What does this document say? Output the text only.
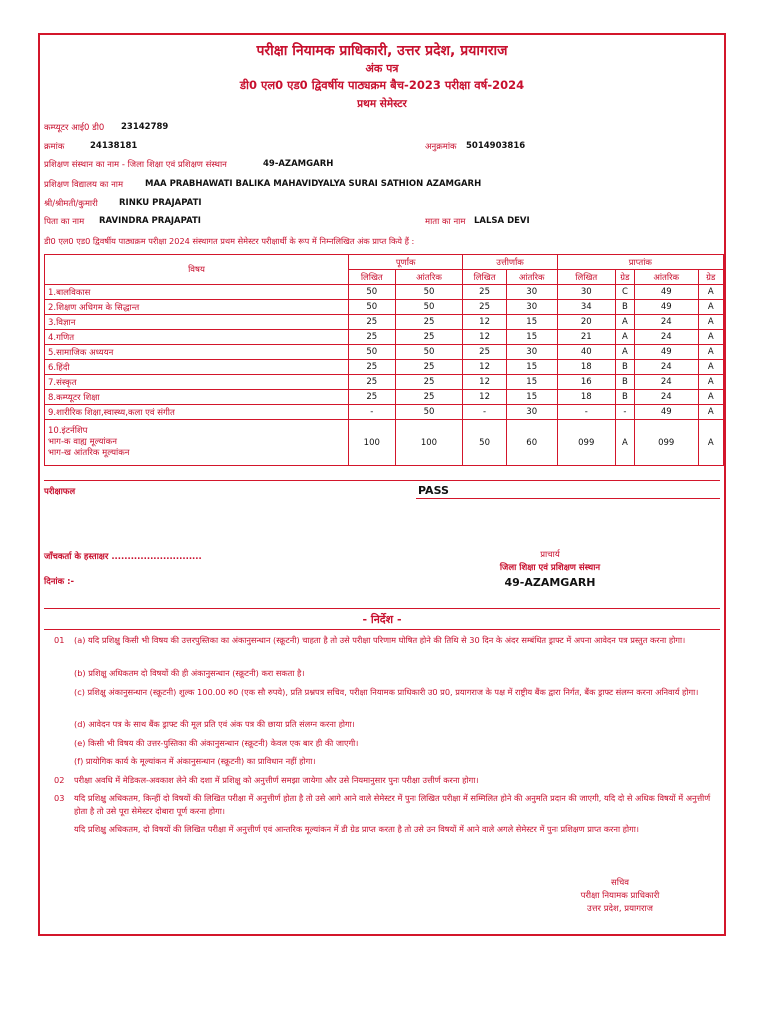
परीक्षा नियामक प्राधिकारी, उत्तर प्रदेश, प्रयागराज
अंक पत्र
डी0 एल0 एड0 द्विवर्षीय पाठ्यक्रम बैच-2023 परीक्षा वर्ष-2024
प्रथम सेमेस्टर
कम्प्यूटर आई0 डी0 23142789
क्रमांक	24138181	अनुक्रमांक 5014903816
प्रशिक्षण संस्थान का नाम - जिला शिक्षा एवं प्रशिक्षण संस्थान	49-AZAMGARH
प्रशिक्षण विद्यालय का नाम	MAA PRABHAWATI BALIKA MAHAVIDYALYA SURAI SATHION AZAMGARH
श्री/श्रीमती/कुमारी RINKU PRAJAPATI
पिता का नाम RAVINDRA PRAJAPATI	माता का नाम LALSA DEVI
डी0 एल0 एड0 द्विवर्षीय पाठ्यक्रम परीक्षा 2024 संस्थागत प्रथम सेमेस्टर परीक्षार्थी के रूप में निम्नलिखित अंक प्राप्त किये हैं :
विषय	पूर्णांक		उत्तीर्णांक		प्राप्तांक			
	लिखित	आंतरिक	लिखित	आंतरिक	लिखित	ग्रेड	आंतरिक	ग्रेड
1.बालविकास	50	50	25	30	30	C	49	A
2.शिक्षण अधिगम के सिद्धान्त	50	50	25	30	34	B	49	A
3.विज्ञान	25	25	12	15	20	A	24	A
4.गणित	25	25	12	15	21	A	24	A
5.सामाजिक अध्ययन	50	50	25	30	40	A	49	A
6.हिंदी	25	25	12	15	18	B	24	A
7.संस्कृत	25	25	12	15	16	B	24	A
8.कम्प्यूटर शिक्षा	25	25	12	15	18	B	24	A
9.शारीरिक शिक्षा,स्वास्थ्य,कला एवं संगीत	-	50	-	30	-	-	49	A

10.इंटर्नशिप
भाग-क वाह्य मूल्यांकन
भाग-ख आंतरिक मूल्यांकन	100	100	50	60	099	A	099	A
परीक्षाफल	PASS
जाँचकर्ता के हस्ताक्षर ............................
दिनांक :-
प्राचार्य
जिला शिक्षा एवं प्रशिक्षण संस्थान
49-AZAMGARH
- निर्देश -
01 (a) यदि प्रशिक्षु किसी भी विषय की उत्तरपुस्तिका का अंकानुसन्धान (स्क्रूटनी) चाहता है तो उसे परीक्षा परिणाम घोषित होने की तिथि से 30 दिन के अंदर सम्बंधित ड्राफ्ट में अपना आवेदन पत्र प्रस्तुत करना होगा।
(b) प्रशिक्षु अधिकतम दो विषयों की ही अंकानुसन्धान (स्क्रूटनी) करा सकता है।
(c) प्रशिक्षु अंकानुसन्धान (स्क्रूटनी) शुल्क 100.00 रु0 (एक सौ रुपये), प्रति प्रश्नपत्र सचिव, परीक्षा नियामक प्राधिकारी उ0 प्र0, प्रयागराज के पक्ष में राष्ट्रीय बैंक द्वारा निर्गत, बैंक ड्राफ्ट संलग्न करना अनिवार्य होगा।
(d) आवेदन पत्र के साथ बैंक ड्राफ्ट की मूल प्रति एवं अंक पत्र की छाया प्रति संलग्न करना होगा।
(e) किसी भी विषय की उत्तर-पुस्तिका की अंकानुसन्धान (स्क्रूटनी) केवल एक बार ही की जाएगी।
(f) प्रायोगिक कार्य के मूल्यांकन में अंकानुसन्धान (स्क्रूटनी) का प्राविधान नहीं होगा।
02 परीक्षा अवधि में मेडिकल-अवकाश लेने की दशा में प्रशिक्षु को अनुत्तीर्ण समझा जायेगा और उसे नियमानुसार पुनः परीक्षा उत्तीर्ण करना होगा।
03 यदि प्रशिक्षु अधिकतम, किन्हीं दो विषयों की लिखित परीक्षा में अनुत्तीर्ण होता है तो उसे आगे आने वाले सेमेस्टर में पुनः लिखित परीक्षा में सम्मिलित होने की अनुमति प्रदान की जाएगी, यदि दो से अधिक विषयों में अनुत्तीर्ण होता है तो उसे पूरा सेमेस्टर दोबारा पूर्ण करना होगा।
यदि प्रशिक्षु अधिकतम, दो विषयों की लिखित परीक्षा में अनुत्तीर्ण एवं आन्तरिक मूल्यांकन में डी ग्रेड प्राप्त करता है तो उसे उन विषयों में आने वाले अगले सेमेस्टर में पुनः प्रशिक्षण प्राप्त करना होगा।
सचिव
परीक्षा नियामक प्राधिकारी
उत्तर प्रदेश, प्रयागराज
